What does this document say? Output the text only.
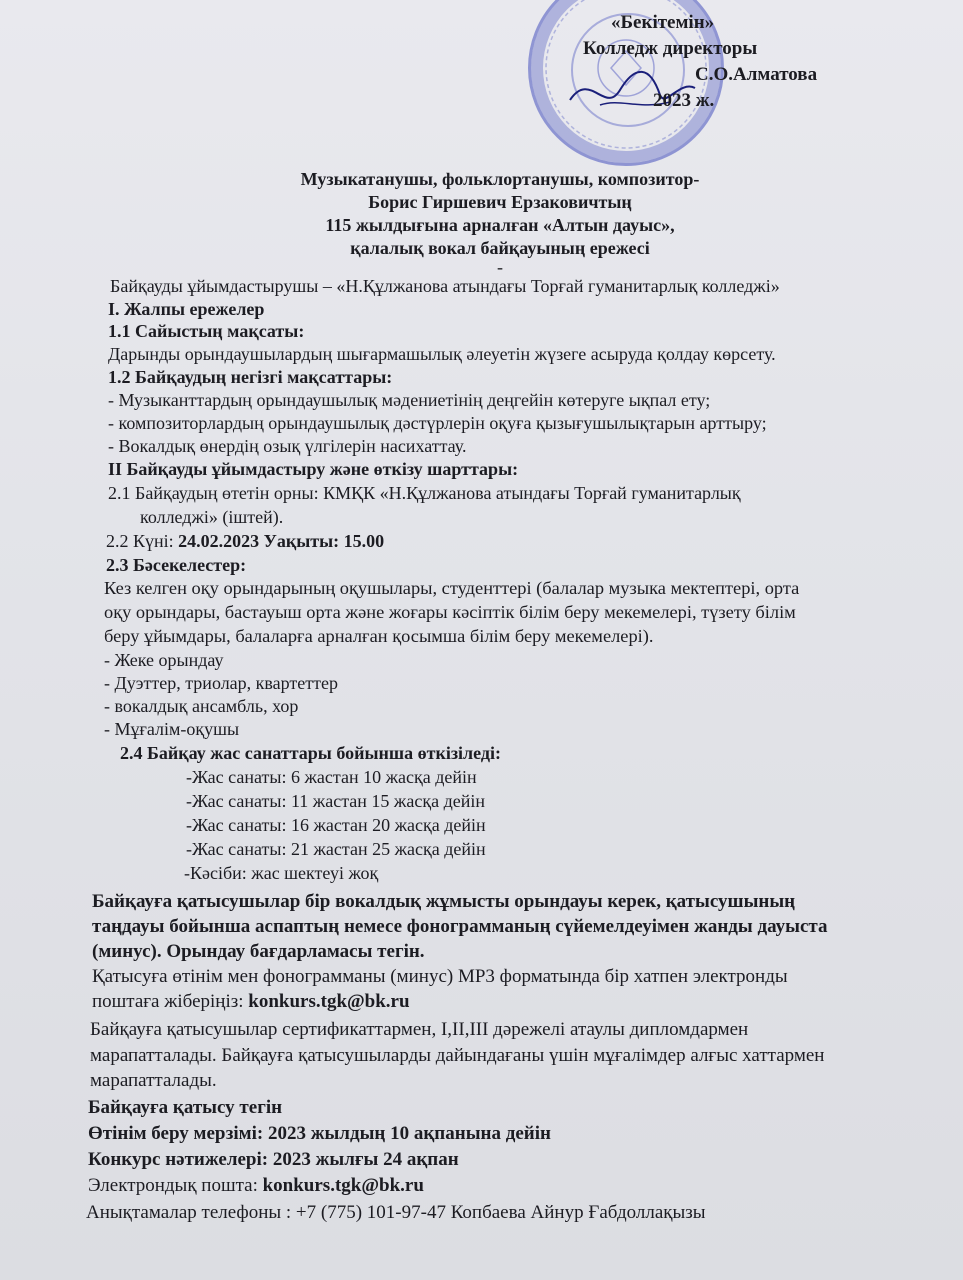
«Бекітемін»
Колледж директоры
С.О.Алматова
2023 ж.
Музыкатанушы, фольклортанушы, композитор-
Борис Гиршевич Ерзаковичтың
115 жылдығына арналған «Алтын дауыс»,
қалалық вокал байқауының ережесі
-
Байқауды ұйымдастырушы – «Н.Құлжанова атындағы Торғай гуманитарлық колледжі»
I. Жалпы ережелер
1.1 Сайыстың мақсаты:
Дарынды орындаушылардың шығармашылық әлеуетін жүзеге асыруда қолдау көрсету.
1.2 Байқаудың негізгі мақсаттары:
- Музыканттардың орындаушылық мәдениетінің деңгейін көтеруге ықпал ету;
- композиторлардың орындаушылық дәстүрлерін оқуға қызығушылықтарын арттыру;
- Вокалдық өнердің озық үлгілерін насихаттау.
II Байқауды ұйымдастыру және өткізу шарттары:
2.1 Байқаудың өтетін орны: КМҚК «Н.Құлжанова атындағы Торғай гуманитарлық
колледжі» (іштей).
2.2 Күні: 24.02.2023 Уақыты: 15.00
2.3 Бәсекелестер:
Кез келген оқу орындарының оқушылары, студенттері (балалар музыка мектептері, орта
оқу орындары, бастауыш орта және жоғары кәсіптік білім беру мекемелері, түзету білім
беру ұйымдары, балаларға арналған қосымша білім беру мекемелері).
- Жеке орындау
- Дуэттер, триолар, квартеттер
- вокалдық ансамбль, хор
- Мұғалім-оқушы
2.4 Байқау жас санаттары бойынша өткізіледі:
-Жас санаты: 6 жастан 10 жасқа дейін
-Жас санаты: 11 жастан 15 жасқа дейін
-Жас санаты: 16 жастан 20 жасқа дейін
-Жас санаты: 21 жастан 25 жасқа дейін
-Кәсіби: жас шектеуі жоқ
Байқауға қатысушылар бір вокалдық жұмысты орындауы керек, қатысушының
таңдауы бойынша аспаптың немесе фонограмманың сүйемелдеуімен жанды дауыста
(минус). Орындау бағдарламасы тегін.
Қатысуға өтінім мен фонограмманы (минус) МР3 форматында бір хатпен электронды
поштаға жіберіңіз: konkurs.tgk@bk.ru
Байқауға қатысушылар сертификаттармен, I,II,III дәрежелі атаулы дипломдармен
марапатталады. Байқауға қатысушыларды дайындағаны үшін мұғалімдер алғыс хаттармен
марапатталады.
Байқауға қатысу тегін
Өтінім беру мерзімі: 2023 жылдың 10 ақпанына дейін
Конкурс нәтижелері: 2023 жылғы 24 ақпан
Электрондық пошта: konkurs.tgk@bk.ru
Анықтамалар телефоны : +7 (775) 101-97-47 Копбаева Айнур Ғабдоллақызы
